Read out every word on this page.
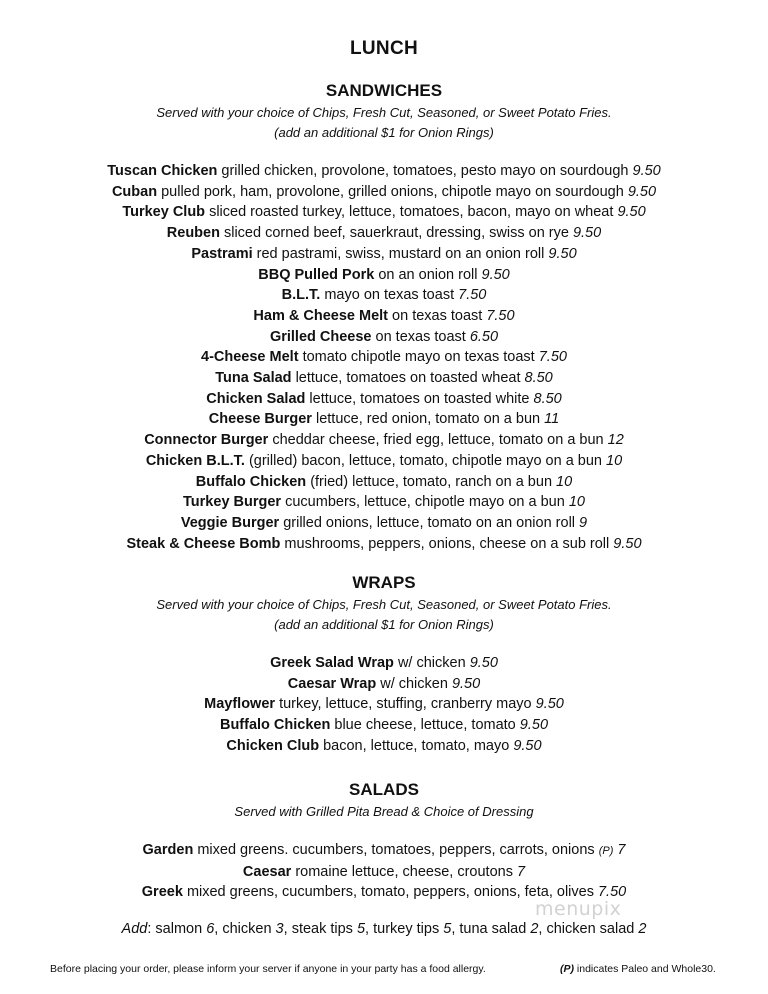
LUNCH
SANDWICHES
Served with your choice of Chips, Fresh Cut, Seasoned, or Sweet Potato Fries.
(add an additional $1 for Onion Rings)
Tuscan Chicken grilled chicken, provolone, tomatoes, pesto mayo on sourdough 9.50
Cuban pulled pork, ham, provolone, grilled onions, chipotle mayo on sourdough 9.50
Turkey Club sliced roasted turkey, lettuce, tomatoes, bacon, mayo on wheat 9.50
Reuben sliced corned beef, sauerkraut, dressing, swiss on rye 9.50
Pastrami red pastrami, swiss, mustard on an onion roll 9.50
BBQ Pulled Pork on an onion roll 9.50
B.L.T. mayo on texas toast 7.50
Ham & Cheese Melt on texas toast 7.50
Grilled Cheese on texas toast 6.50
4-Cheese Melt tomato chipotle mayo on texas toast 7.50
Tuna Salad lettuce, tomatoes on toasted wheat 8.50
Chicken Salad lettuce, tomatoes on toasted white 8.50
Cheese Burger lettuce, red onion, tomato on a bun 11
Connector Burger cheddar cheese, fried egg, lettuce, tomato on a bun 12
Chicken B.L.T. (grilled) bacon, lettuce, tomato, chipotle mayo on a bun 10
Buffalo Chicken (fried) lettuce, tomato, ranch on a bun 10
Turkey Burger cucumbers, lettuce, chipotle mayo on a bun 10
Veggie Burger grilled onions, lettuce, tomato on an onion roll 9
Steak & Cheese Bomb mushrooms, peppers, onions, cheese on a sub roll 9.50
WRAPS
Served with your choice of Chips, Fresh Cut, Seasoned, or Sweet Potato Fries.
(add an additional $1 for Onion Rings)
Greek Salad Wrap w/ chicken 9.50
Caesar Wrap w/ chicken 9.50
Mayflower turkey, lettuce, stuffing, cranberry mayo 9.50
Buffalo Chicken blue cheese, lettuce, tomato 9.50
Chicken Club bacon, lettuce, tomato, mayo 9.50
SALADS
Served with Grilled Pita Bread & Choice of Dressing
Garden mixed greens. cucumbers, tomatoes, peppers, carrots, onions (P) 7
Caesar romaine lettuce, cheese, croutons 7
Greek mixed greens, cucumbers, tomato, peppers, onions, feta, olives 7.50
Add: salmon 6, chicken 3, steak tips 5, turkey tips 5, tuna salad 2, chicken salad 2
menupix
Before placing your order, please inform your server if anyone in your party has a food allergy.	(P) indicates Paleo and Whole30.
